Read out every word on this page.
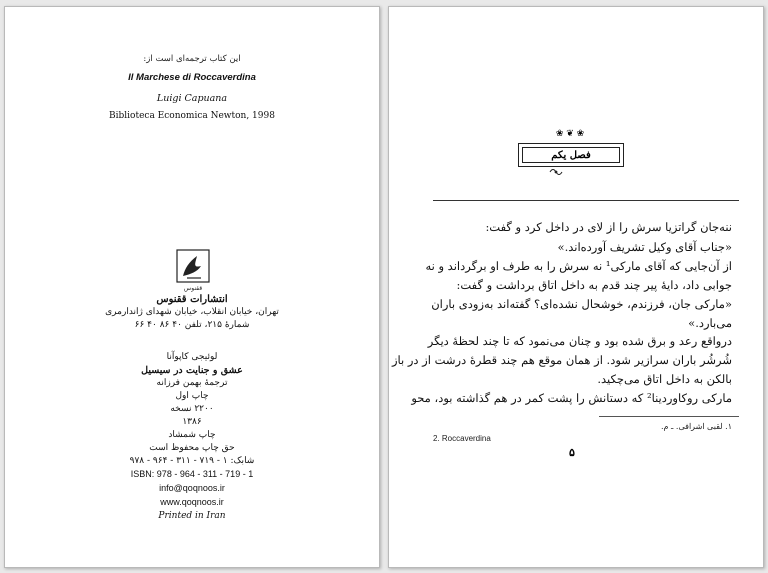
این کتاب ترجمه‌ای است از:
Il Marchese di Roccaverdina
Luigi Capuana
Biblioteca Economica Newton, 1998
ققنوس
انتشارات ققنوس
تهران، خیابان انقلاب، خیابان شهدای ژاندارمری
شمارهٔ ۲۱۵، تلفن ۴۰ ۸۶ ۴۰ ۶۶
لوئیجی کاپوآنا
عشق و جنایت در سیسیل
ترجمهٔ بهمن فرزانه
چاپ اول
۲۲۰۰ نسخه
۱۳۸۶
چاپ شمشاد
حق چاپ محفوظ است
شابک: ۱ - ۷۱۹ - ۳۱۱ - ۹۶۴ - ۹۷۸
ISBN: 978 - 964 - 311 - 719 - 1
info@qoqnoos.ir
www.qoqnoos.ir
Printed in Iran
❀ ❦ ❀
فصل یکم
ننه‌جان گراتزیا سرش را از لای در داخل کرد و گفت:
«جناب آقای وکیل تشریف آورده‌اند.»
از آن‌جایی که آقای مارکی¹ نه سرش را به طرف او برگرداند و نه
جوابی داد، دایهٔ پیر چند قدم به داخل اتاق برداشت و گفت:
«مارکی جان، فرزندم، خوشحال نشده‌ای؟ گفته‌اند به‌زودی باران
می‌بارد.»
درواقع رعد و برق شده بود و چنان می‌نمود که تا چند لحظهٔ دیگر
شُرشُر باران سرازیر شود. از همان موقع هم چند قطرهٔ درشت از در باز
بالکن به داخل اتاق می‌چکید.
مارکی روکاوردینا² که دستانش را پشت کمر در هم گذاشته بود، محو
۱. لقبی اشرافی. ـ م.
2. Roccaverdina
۵
